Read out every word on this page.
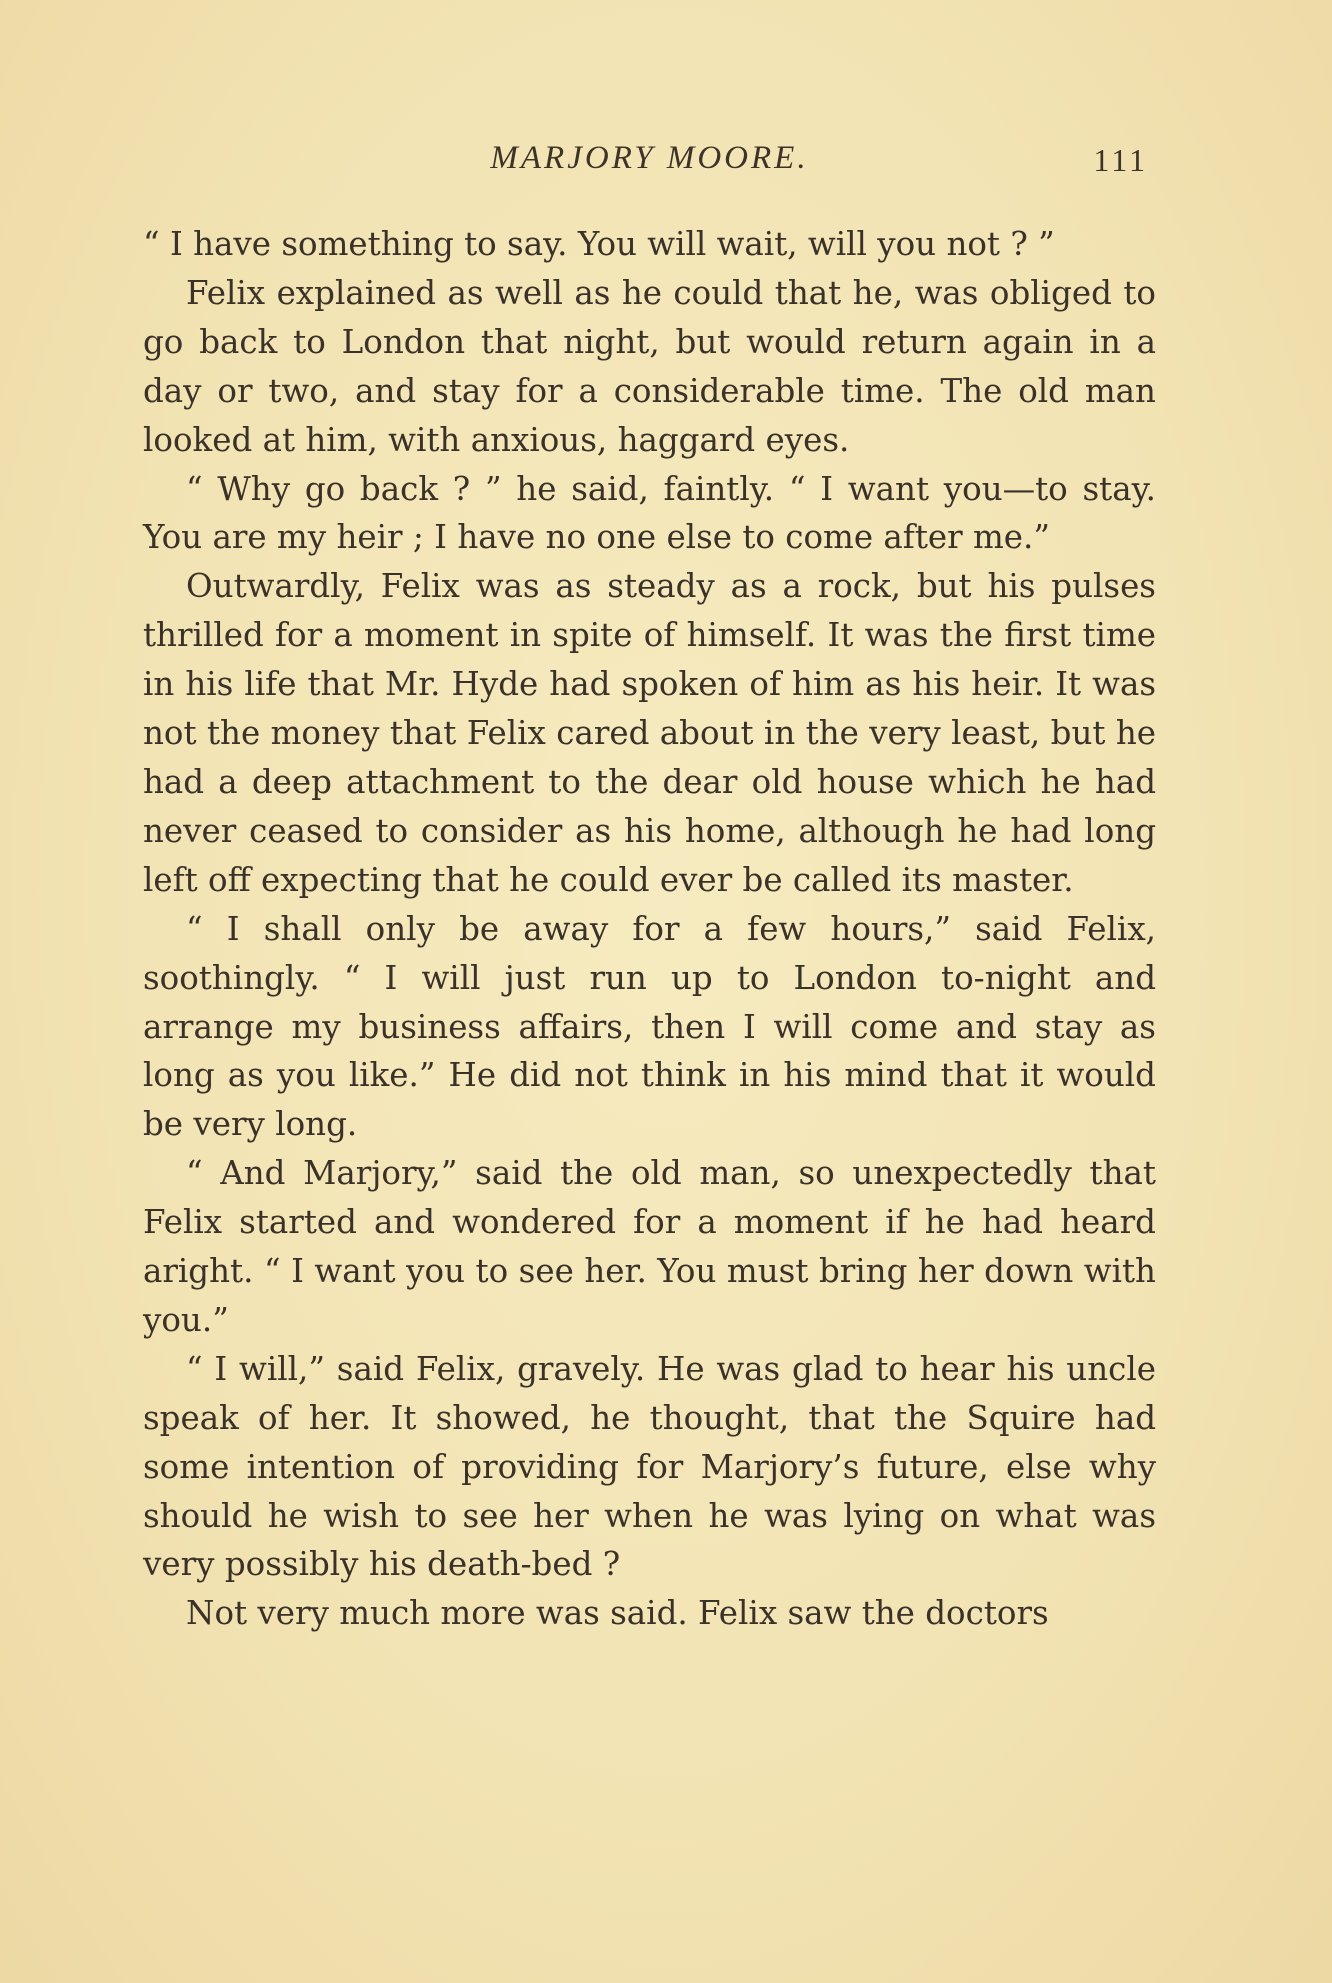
MARJORY MOORE.	111

“ I have something to say. You will wait, will you not ? ”

Felix explained as well as he could that he, was obliged to go back to London that night, but would return again in a day or two, and stay for a considerable time. The old man looked at him, with anxious, haggard eyes.

“ Why go back ? ” he said, faintly. “ I want you—to stay. You are my heir ; I have no one else to come after me.”

Outwardly, Felix was as steady as a rock, but his pulses thrilled for a moment in spite of himself. It was the first time in his life that Mr. Hyde had spoken of him as his heir. It was not the money that Felix cared about in the very least, but he had a deep attachment to the dear old house which he had never ceased to consider as his home, although he had long left off expecting that he could ever be called its master.

“ I shall only be away for a few hours,” said Felix, soothingly. “ I will just run up to London to-night and arrange my business affairs, then I will come and stay as long as you like.” He did not think in his mind that it would be very long.

“ And Marjory,” said the old man, so unexpectedly that Felix started and wondered for a moment if he had heard aright. “ I want you to see her. You must bring her down with you.”

“ I will,” said Felix, gravely. He was glad to hear his uncle speak of her. It showed, he thought, that the Squire had some intention of providing for Marjory’s future, else why should he wish to see her when he was lying on what was very possibly his death-bed ?

Not very much more was said. Felix saw the doctors
